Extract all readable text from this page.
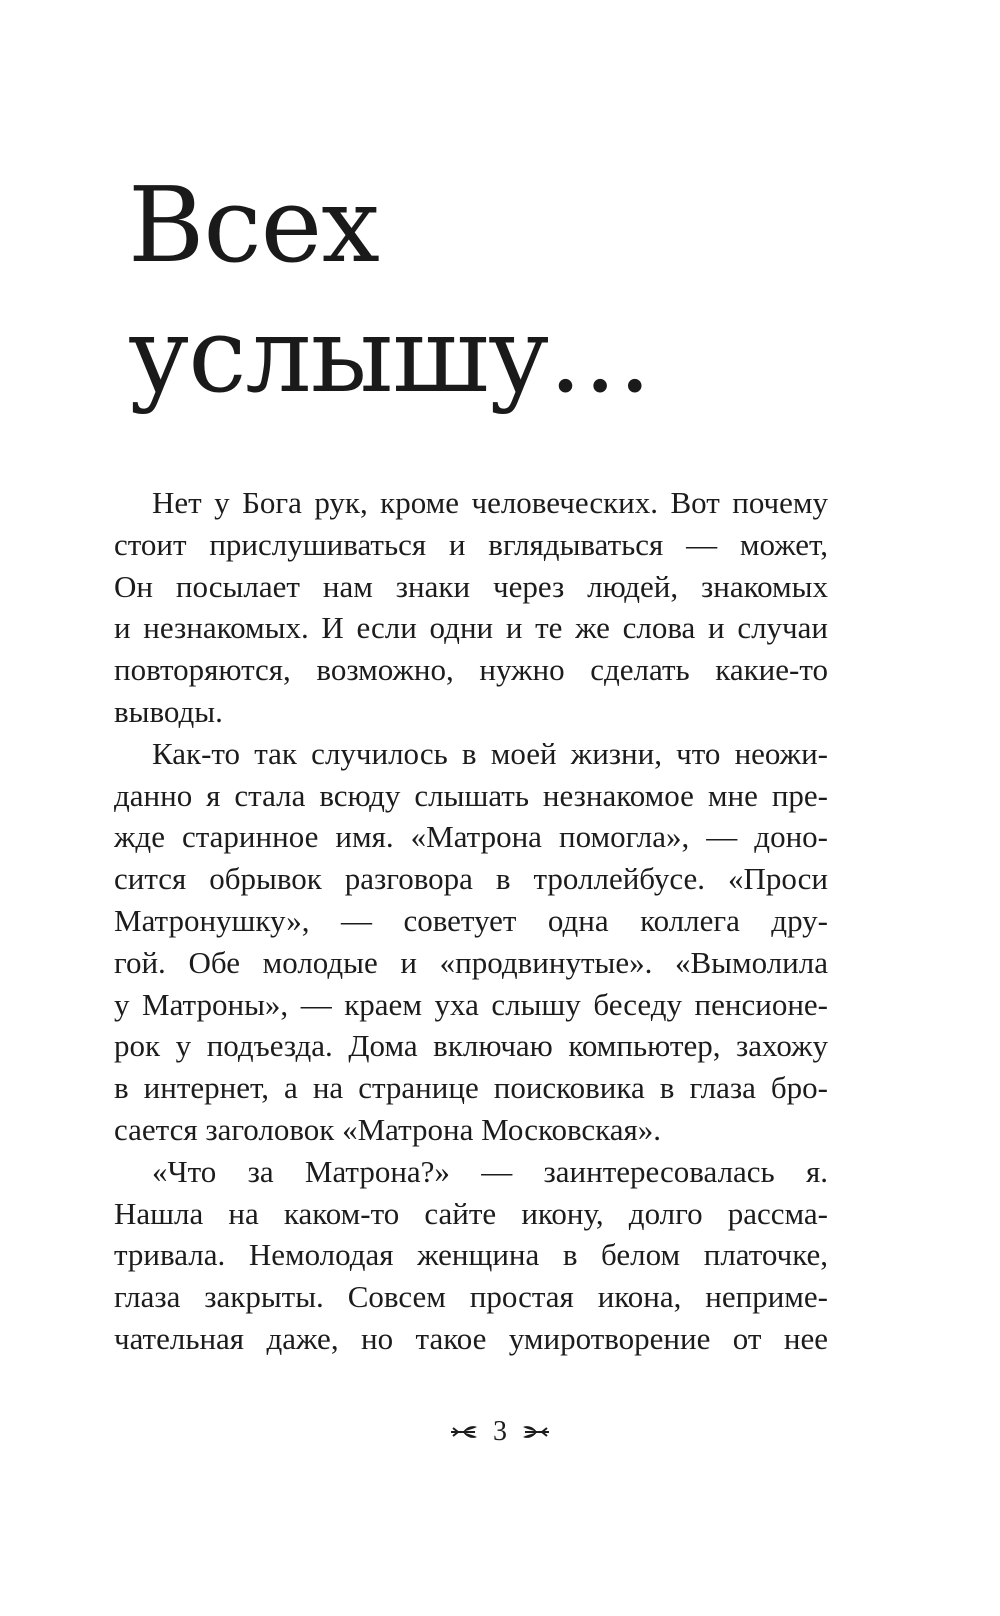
Всех
услышу…
Нет у Бога рук, кроме человеческих. Вот почему
стоит прислушиваться и вглядываться — может,
Он посылает нам знаки через людей, знакомых
и незнакомых. И если одни и те же слова и случаи
повторяются, возможно, нужно сделать какие-то
выводы.
Как-то так случилось в моей жизни, что неожи-
данно я стала всюду слышать незнакомое мне пре-
жде старинное имя. «Матрона помогла», — доно-
сится обрывок разговора в троллейбусе. «Проси
Матронушку», — советует одна коллега дру-
гой. Обе молодые и «продвинутые». «Вымолила
у Матроны», — краем уха слышу беседу пенсионе-
рок у подъезда. Дома включаю компьютер, захожу
в интернет, а на странице поисковика в глаза бро-
сается заголовок «Матрона Московская».
«Что за Матрона?» — заинтересовалась я.
Нашла на каком-то сайте икону, долго рассма-
тривала. Немолодая женщина в белом платочке,
глаза закрыты. Совсем простая икона, неприме-
чательная даже, но такое умиротворение от нее
3
